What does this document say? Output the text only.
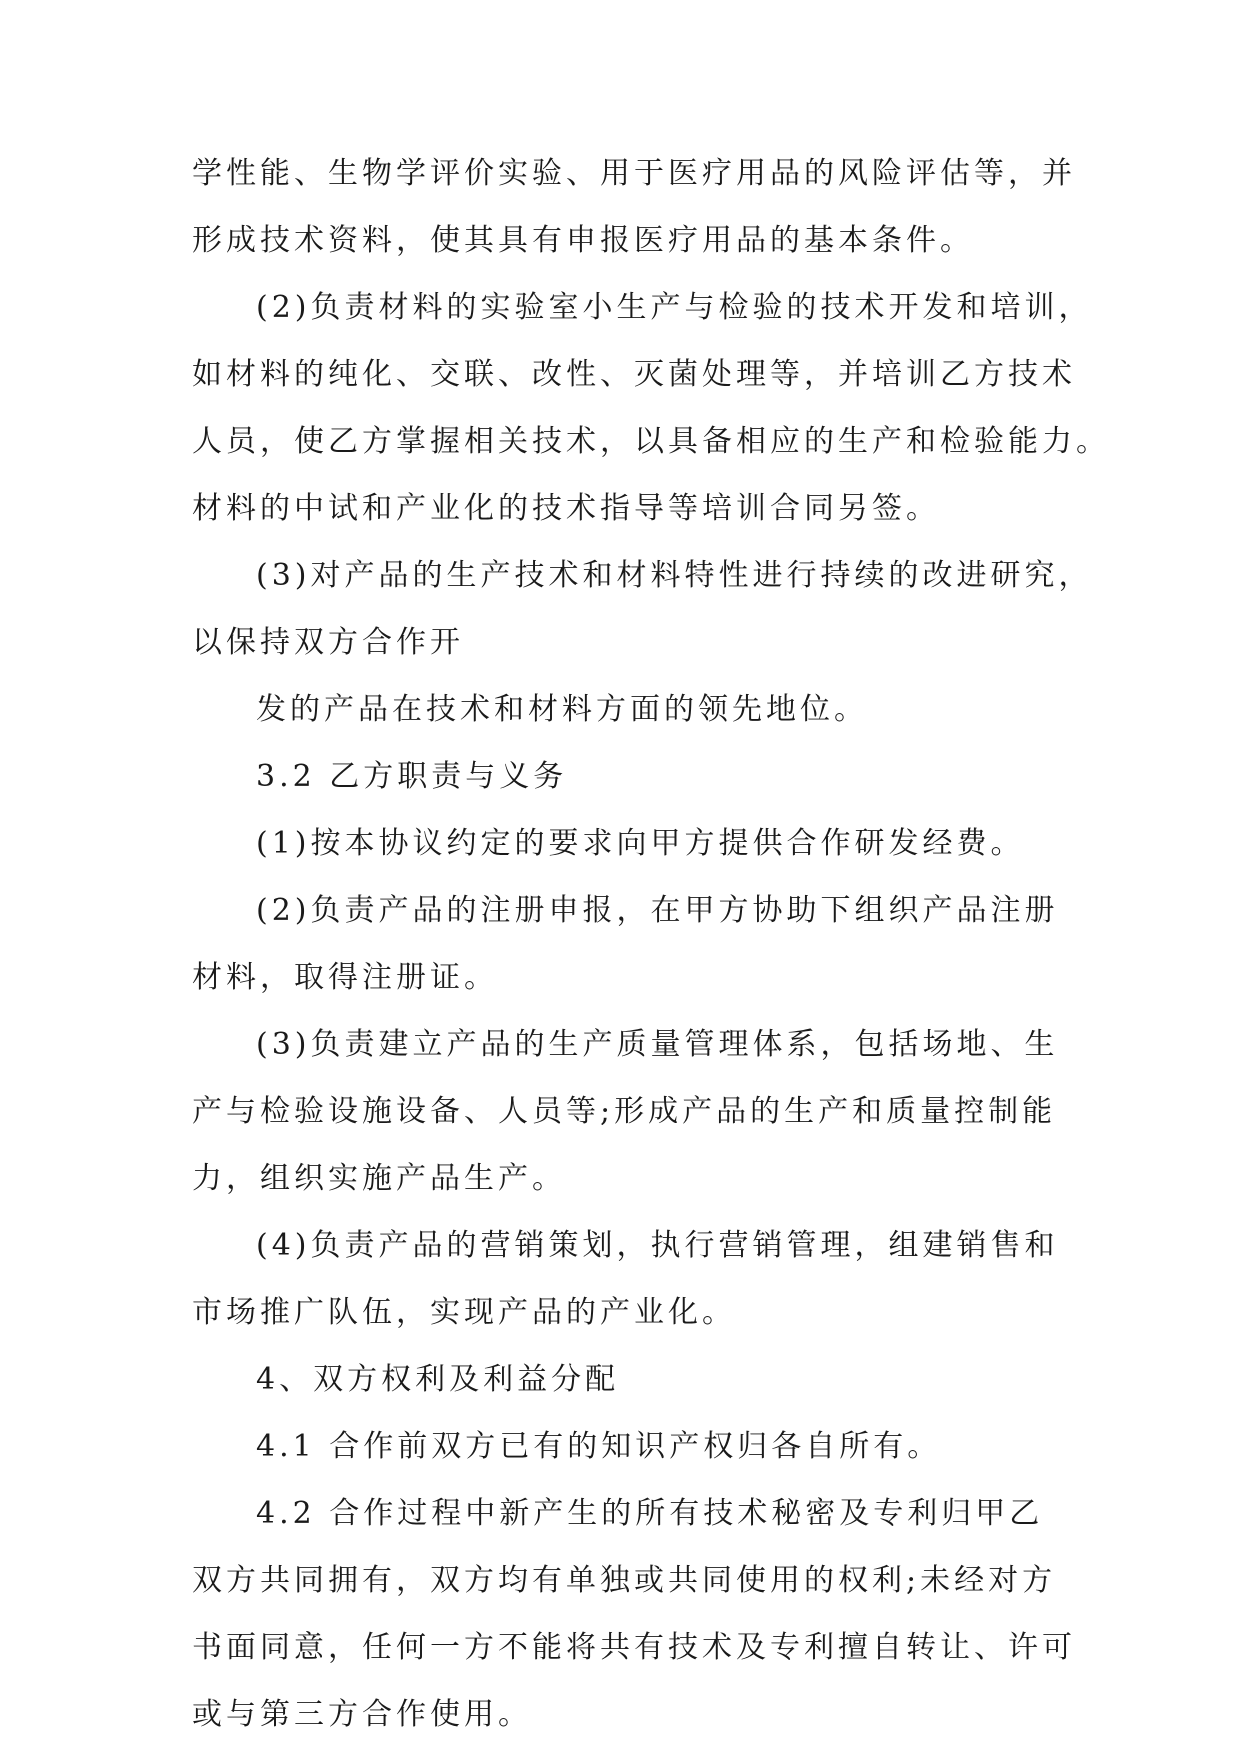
学性能、生物学评价实验、用于医疗用品的风险评估等，并
形成技术资料，使其具有申报医疗用品的基本条件。
(2)负责材料的实验室小生产与检验的技术开发和培训，
如材料的纯化、交联、改性、灭菌处理等，并培训乙方技术
人员，使乙方掌握相关技术，以具备相应的生产和检验能力。
材料的中试和产业化的技术指导等培训合同另签。
(3)对产品的生产技术和材料特性进行持续的改进研究，
以保持双方合作开
发的产品在技术和材料方面的领先地位。
3.2 乙方职责与义务
(1)按本协议约定的要求向甲方提供合作研发经费。
(2)负责产品的注册申报，在甲方协助下组织产品注册
材料，取得注册证。
(3)负责建立产品的生产质量管理体系，包括场地、生
产与检验设施设备、人员等;形成产品的生产和质量控制能
力，组织实施产品生产。
(4)负责产品的营销策划，执行营销管理，组建销售和
市场推广队伍，实现产品的产业化。
4、双方权利及利益分配
4.1 合作前双方已有的知识产权归各自所有。
4.2 合作过程中新产生的所有技术秘密及专利归甲乙
双方共同拥有，双方均有单独或共同使用的权利;未经对方
书面同意，任何一方不能将共有技术及专利擅自转让、许可
或与第三方合作使用。
